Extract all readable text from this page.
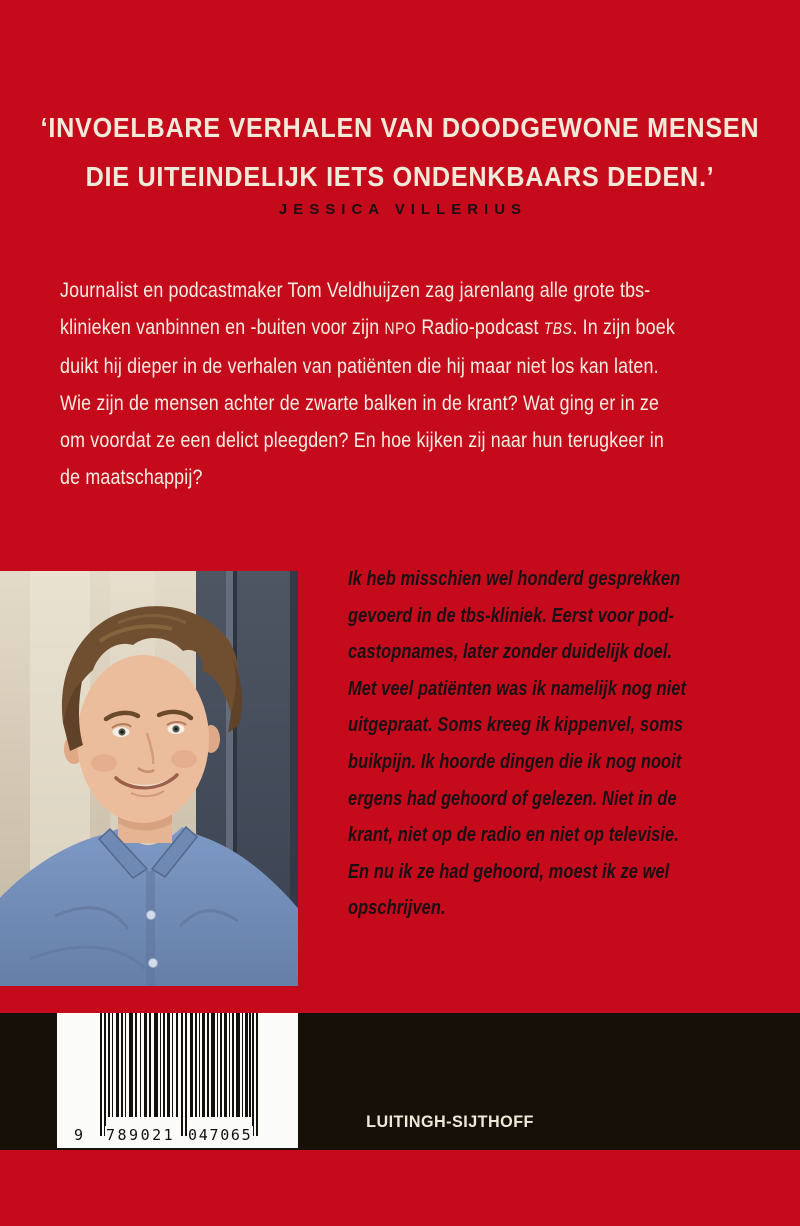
‘INVOELBARE VERHALEN VAN DOODGEWONE MENSEN
DIE UITEINDELIJK IETS ONDENKBAARS DEDEN.’
JESSICA VILLERIUS
Journalist en podcastmaker Tom Veldhuijzen zag jarenlang alle grote tbs-
klinieken vanbinnen en -buiten voor zijn NPO Radio-podcast TBS. In zijn boek
duikt hij dieper in de verhalen van patiënten die hij maar niet los kan laten.
Wie zijn de mensen achter de zwarte balken in de krant? Wat ging er in ze
om voordat ze een delict pleegden? En hoe kijken zij naar hun terugkeer in
de maatschappij?
Ik heb misschien wel honderd gesprekken
gevoerd in de tbs-kliniek. Eerst voor pod-
castopnames, later zonder duidelijk doel.
Met veel patiënten was ik namelijk nog niet
uitgepraat. Soms kreeg ik kippenvel, soms
buikpijn. Ik hoorde dingen die ik nog nooit
ergens had gehoord of gelezen. Niet in de
krant, niet op de radio en niet op televisie.
En nu ik ze had gehoord, moest ik ze wel
opschrijven.
9 789021 047065
LUITINGH-SIJTHOFF
